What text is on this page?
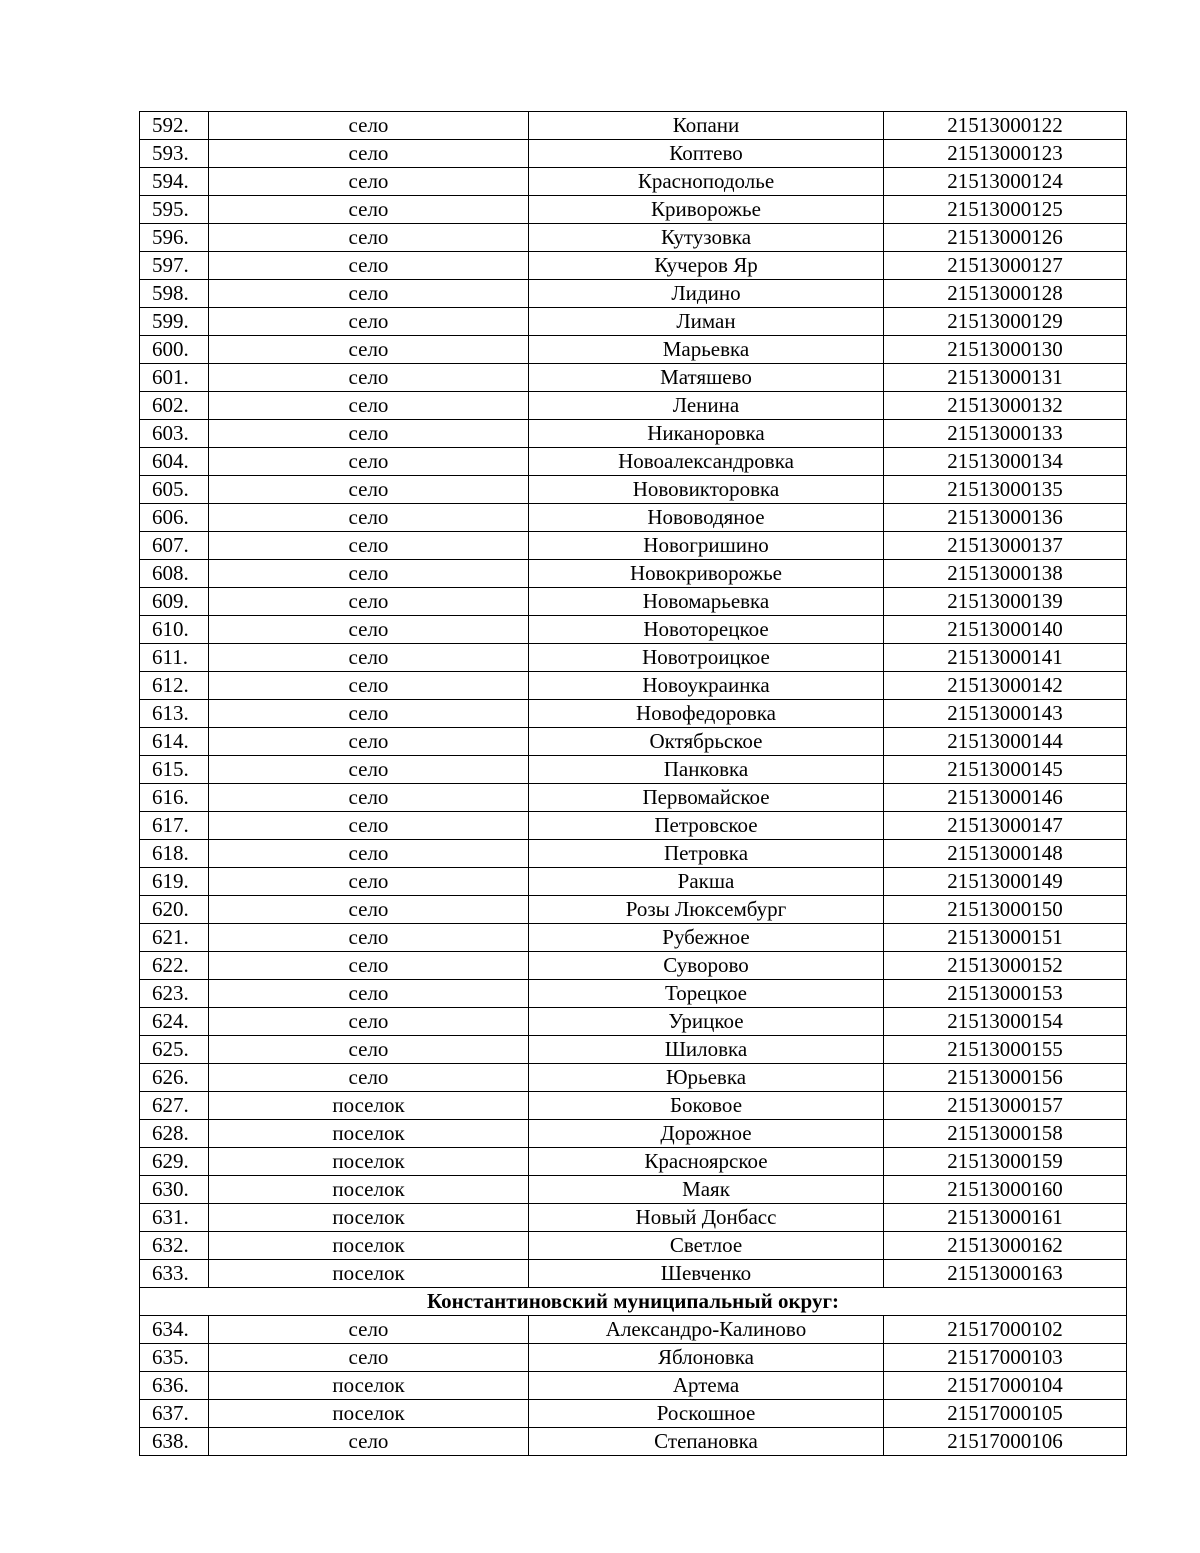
592.	село	Копани	21513000122
593.	село	Коптево	21513000123
594.	село	Красноподолье	21513000124
595.	село	Криворожье	21513000125
596.	село	Кутузовка	21513000126
597.	село	Кучеров Яр	21513000127
598.	село	Лидино	21513000128
599.	село	Лиман	21513000129
600.	село	Марьевка	21513000130
601.	село	Матяшево	21513000131
602.	село	Ленина	21513000132
603.	село	Никаноровка	21513000133
604.	село	Новоалександровка	21513000134
605.	село	Нововикторовка	21513000135
606.	село	Нововодяное	21513000136
607.	село	Новогришино	21513000137
608.	село	Новокриворожье	21513000138
609.	село	Новомарьевка	21513000139
610.	село	Новоторецкое	21513000140
611.	село	Новотроицкое	21513000141
612.	село	Новоукраинка	21513000142
613.	село	Новофедоровка	21513000143
614.	село	Октябрьское	21513000144
615.	село	Панковка	21513000145
616.	село	Первомайское	21513000146
617.	село	Петровское	21513000147
618.	село	Петровка	21513000148
619.	село	Ракша	21513000149
620.	село	Розы Люксембург	21513000150
621.	село	Рубежное	21513000151
622.	село	Суворово	21513000152
623.	село	Торецкое	21513000153
624.	село	Урицкое	21513000154
625.	село	Шиловка	21513000155
626.	село	Юрьевка	21513000156
627.	поселок	Боковое	21513000157
628.	поселок	Дорожное	21513000158
629.	поселок	Красноярское	21513000159
630.	поселок	Маяк	21513000160
631.	поселок	Новый Донбасс	21513000161
632.	поселок	Светлое	21513000162
633.	поселок	Шевченко	21513000163
Константиновский муниципальный округ:			
634.	село	Александро-Калиново	21517000102
635.	село	Яблоновка	21517000103
636.	поселок	Артема	21517000104
637.	поселок	Роскошное	21517000105
638.	село	Степановка	21517000106
